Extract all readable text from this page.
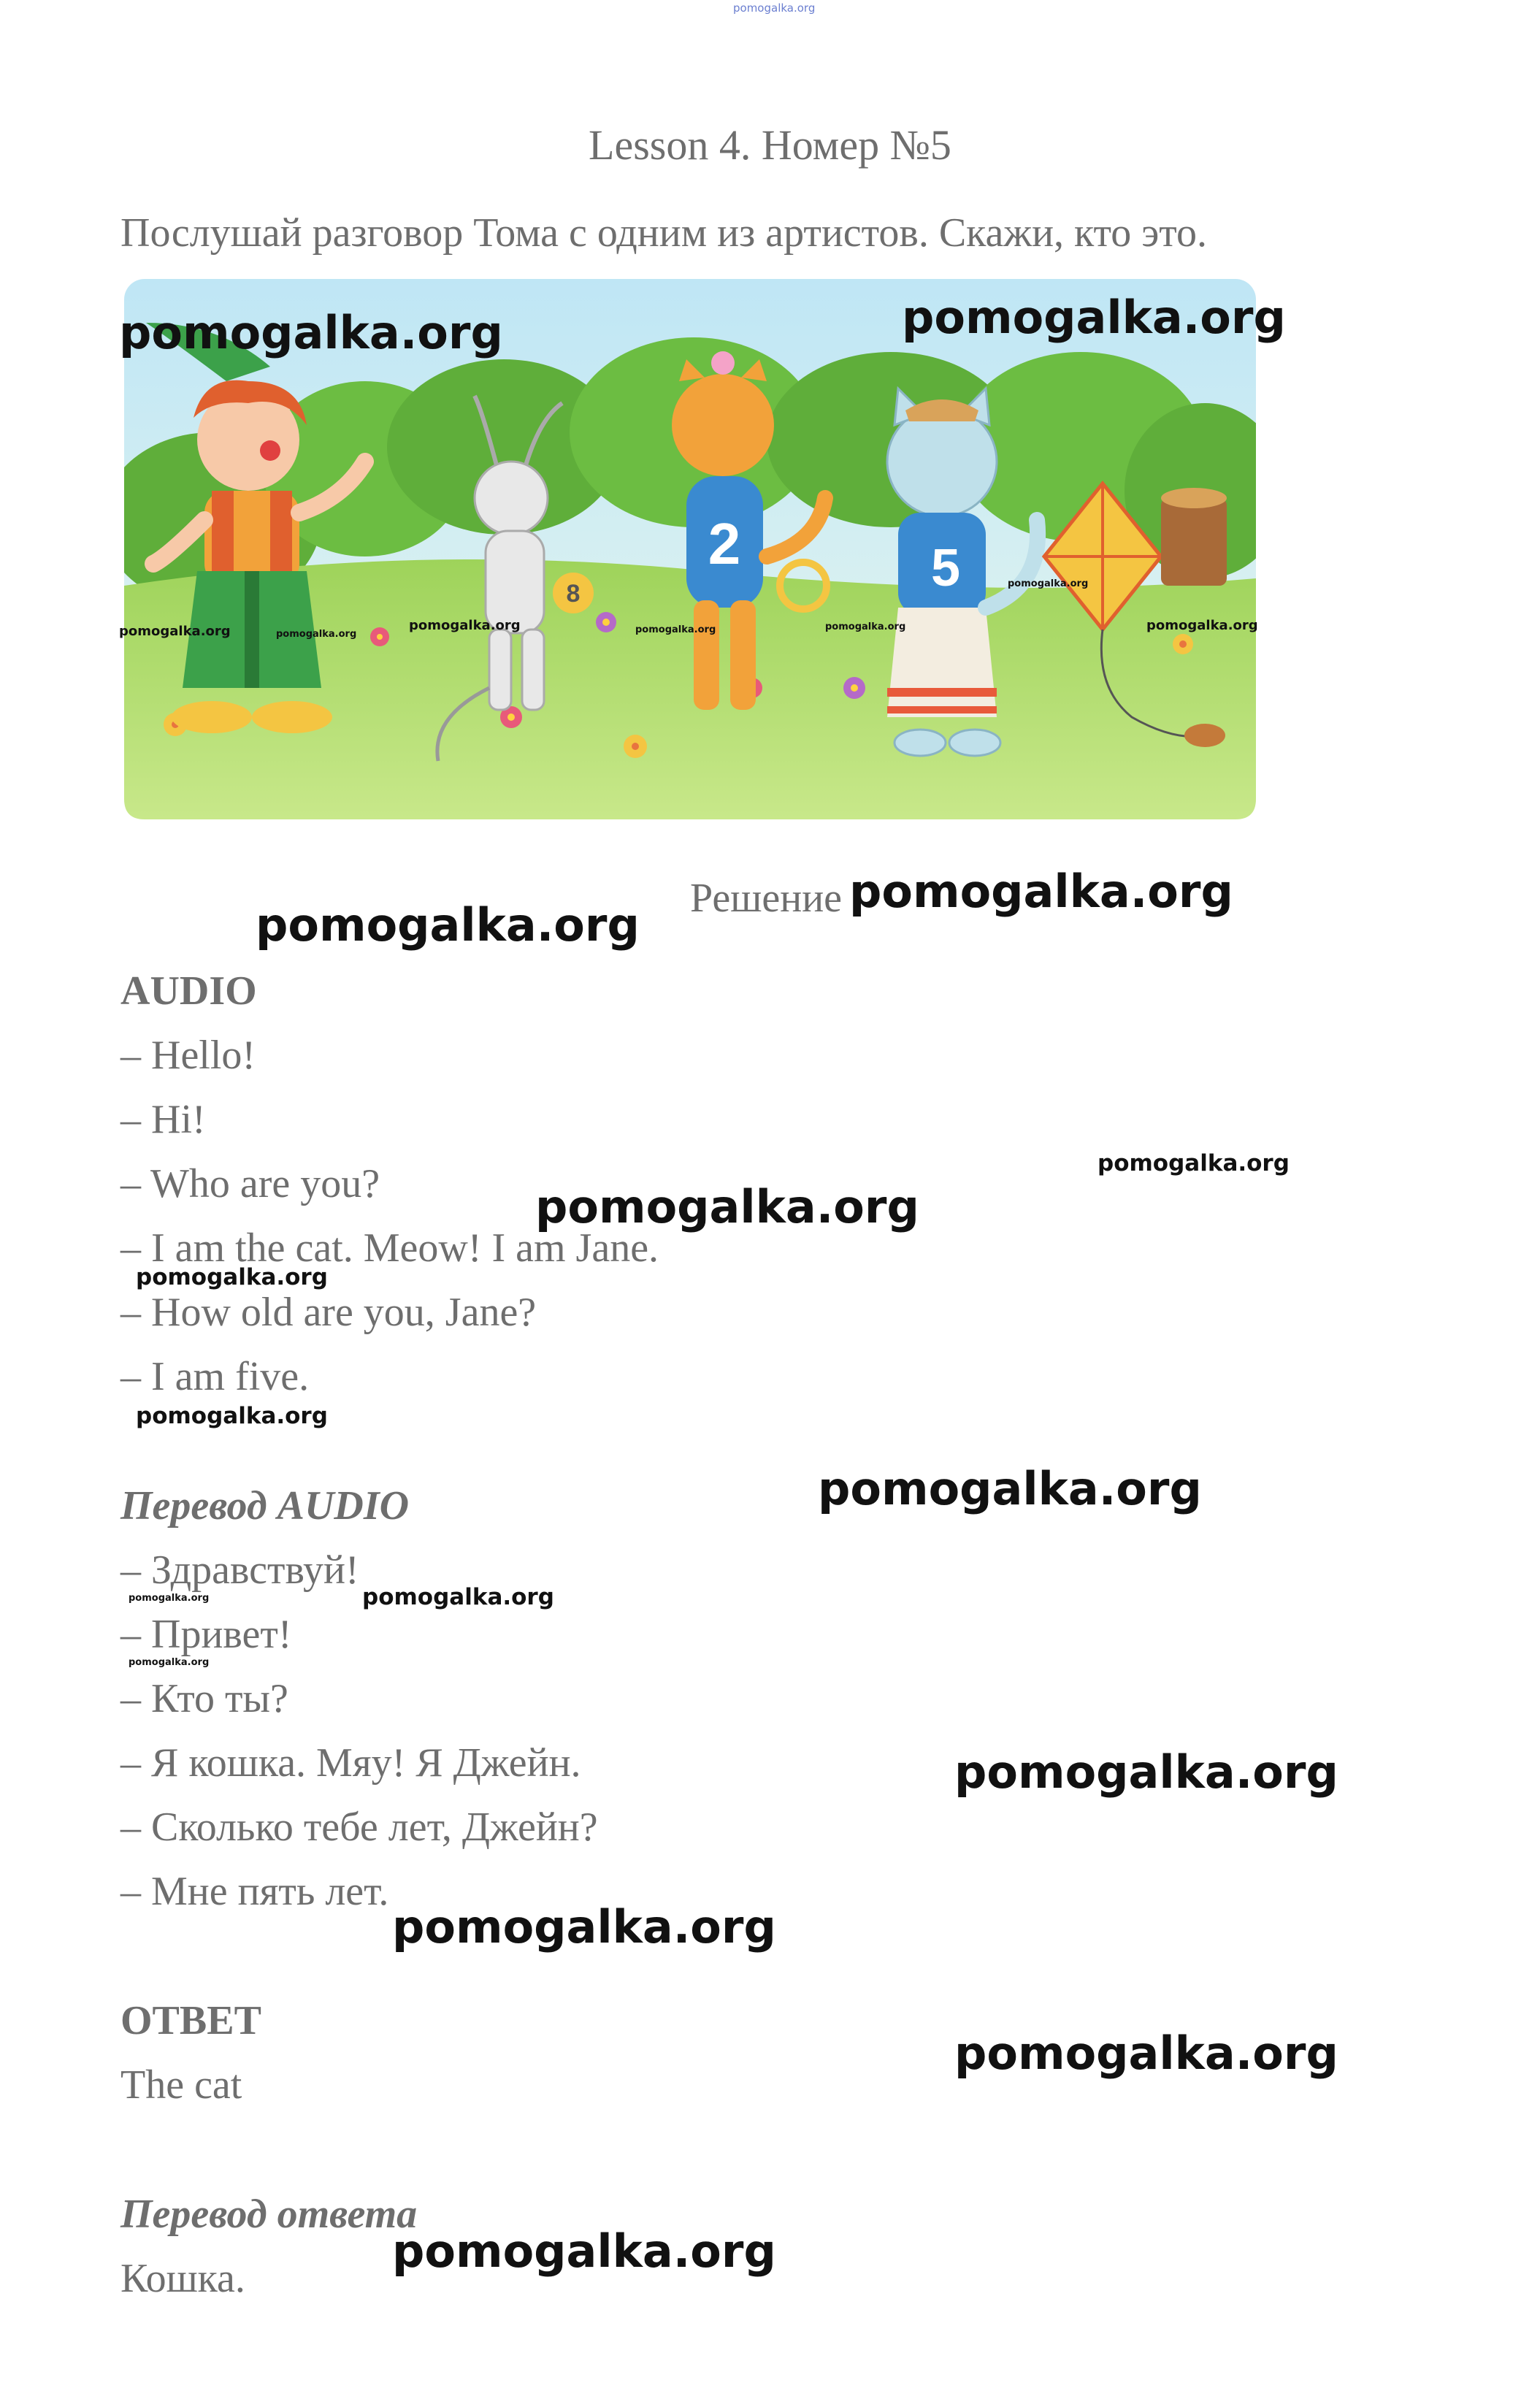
pomogalka.org
Lesson 4. Номер №5
Послушай разговор Тома с одним из артистов. Скажи, кто это.
8
2	5
pomogalka.org	pomogalka.org
pomogalka.org	pomogalka.org
pomogalka.org	pomogalka.org	pomogalka.org
pomogalka.org
pomogalka.org
Решение pomogalka.org
pomogalka.org
AUDIO
– Hello!
– Hi!
– Who are you?
– I am the cat. Meow! I am Jane.
– How old are you, Jane?
– I am five.
pomogalka.org
pomogalka.org
pomogalka.org
pomogalka.org
Перевод AUDIO	pomogalka.org
– Здравствуй!
– Привет!
– Кто ты?
– Я кошка. Мяу! Я Джейн.
– Сколько тебе лет, Джейн?
– Мне пять лет.
pomogalka.org	pomogalka.org
pomogalka.org
pomogalka.org
pomogalka.org
ОТВЕТ
The cat
pomogalka.org
Перевод ответа
Кошка.
pomogalka.org
